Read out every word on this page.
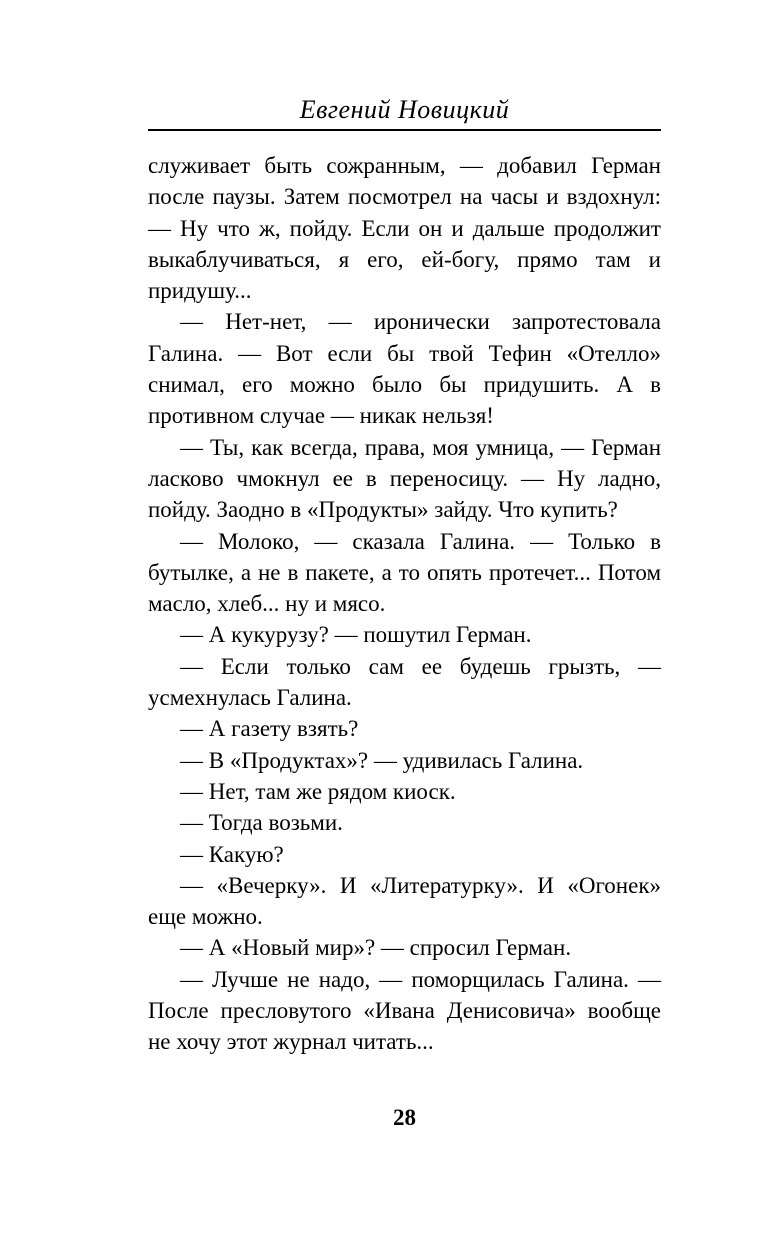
Евгений Новицкий

служивает быть сожранным, — добавил Герман после паузы. Затем посмотрел на часы и вздохнул: — Ну что ж, пойду. Если он и дальше продолжит выкаблучиваться, я его, ей-богу, прямо там и придушу...

— Нет-нет, — иронически запротестовала Галина. — Вот если бы твой Тефин «Отелло» снимал, его можно было бы придушить. А в противном случае — никак нельзя!

— Ты, как всегда, права, моя умница, — Герман ласково чмокнул ее в переносицу. — Ну ладно, пойду. Заодно в «Продукты» зайду. Что купить?

— Молоко, — сказала Галина. — Только в бутылке, а не в пакете, а то опять протечет... Потом масло, хлеб... ну и мясо.

— А кукурузу? — пошутил Герман.

— Если только сам ее будешь грызть, — усмехнулась Галина.

— А газету взять?

— В «Продуктах»? — удивилась Галина.

— Нет, там же рядом киоск.

— Тогда возьми.

— Какую?

— «Вечерку». И «Литературку». И «Огонек» еще можно.

— А «Новый мир»? — спросил Герман.

— Лучше не надо, — поморщилась Галина. — После пресловутого «Ивана Денисовича» вообще не хочу этот журнал читать...

28
